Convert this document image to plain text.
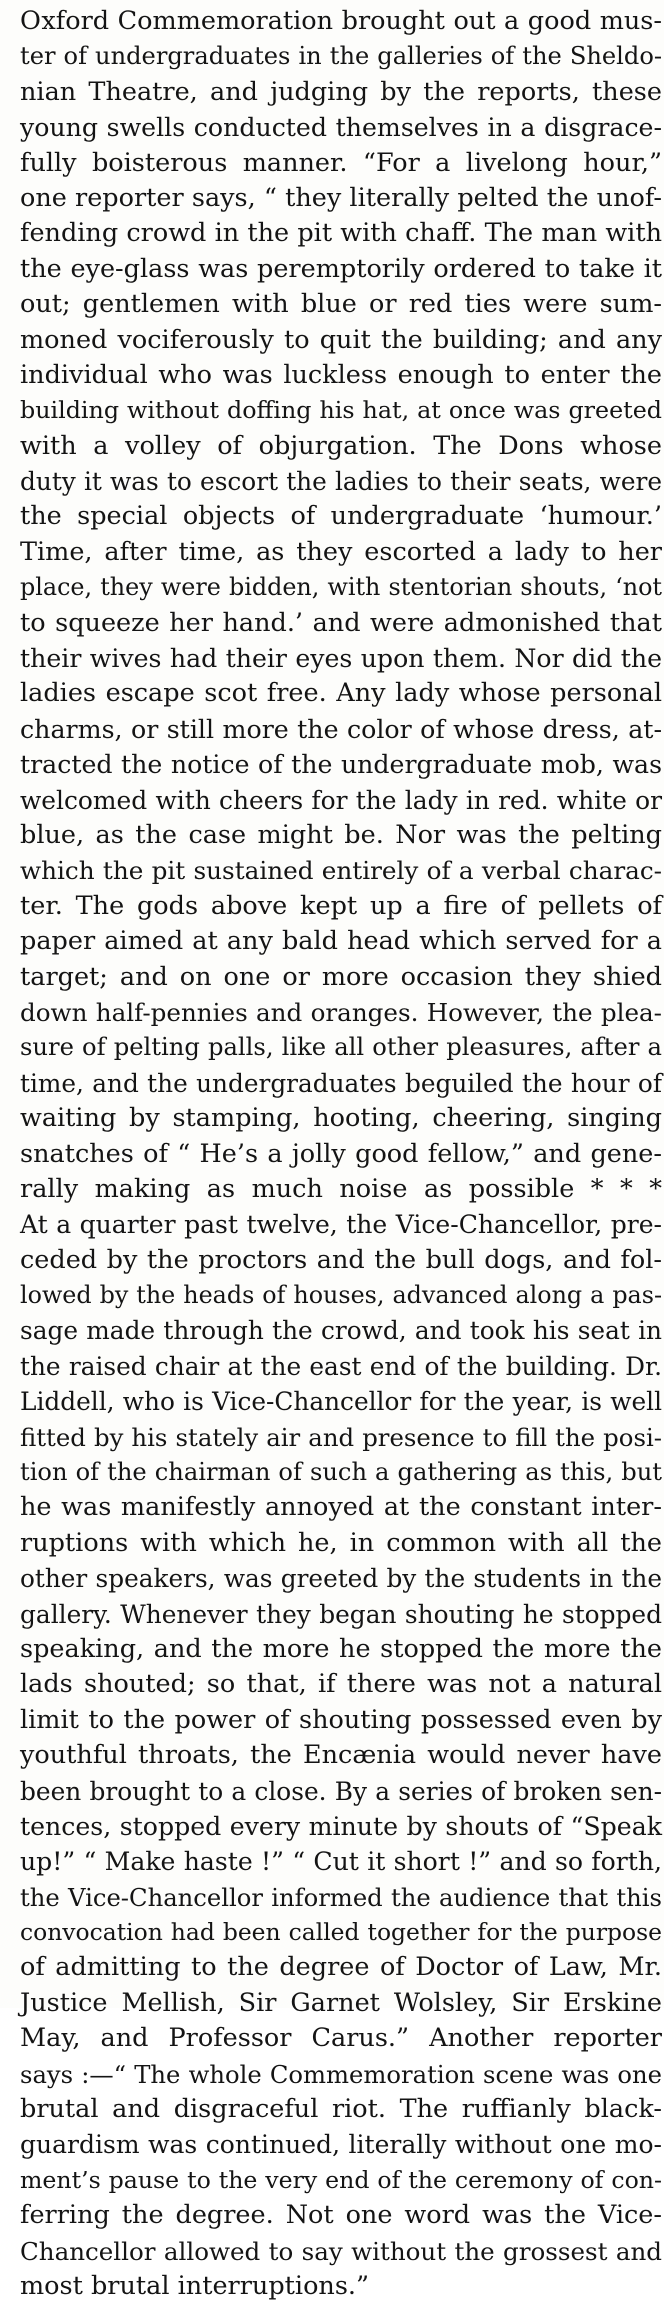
Oxford Commemoration brought out a good mus-
ter of undergraduates in the galleries of the Sheldo-
nian Theatre, and judging by the reports, these
young swells conducted themselves in a disgrace-
fully boisterous manner. “For a livelong hour,”
one reporter says, “ they literally pelted the unof-
fending crowd in the pit with chaff. The man with
the eye-glass was peremptorily ordered to take it
out; gentlemen with blue or red ties were sum-
moned vociferously to quit the building; and any
individual who was luckless enough to enter the
building without doffing his hat, at once was greeted
with a volley of objurgation. The Dons whose
duty it was to escort the ladies to their seats, were
the special objects of undergraduate ‘humour.’
Time, after time, as they escorted a lady to her
place, they were bidden, with stentorian shouts, ‘not
to squeeze her hand.’ and were admonished that
their wives had their eyes upon them. Nor did the
ladies escape scot free. Any lady whose personal
charms, or still more the color of whose dress, at-
tracted the notice of the undergraduate mob, was
welcomed with cheers for the lady in red. white or
blue, as the case might be. Nor was the pelting
which the pit sustained entirely of a verbal charac-
ter. The gods above kept up a fire of pellets of
paper aimed at any bald head which served for a
target; and on one or more occasion they shied
down half-pennies and oranges. However, the plea-
sure of pelting palls, like all other pleasures, after a
time, and the undergraduates beguiled the hour of
waiting by stamping, hooting, cheering, singing
snatches of “ He’s a jolly good fellow,” and gene-
rally making as much noise as possible * * *
At a quarter past twelve, the Vice-Chancellor, pre-
ceded by the proctors and the bull dogs, and fol-
lowed by the heads of houses, advanced along a pas-
sage made through the crowd, and took his seat in
the raised chair at the east end of the building. Dr.
Liddell, who is Vice-Chancellor for the year, is well
fitted by his stately air and presence to fill the posi-
tion of the chairman of such a gathering as this, but
he was manifestly annoyed at the constant inter-
ruptions with which he, in common with all the
other speakers, was greeted by the students in the
gallery. Whenever they began shouting he stopped
speaking, and the more he stopped the more the
lads shouted; so that, if there was not a natural
limit to the power of shouting possessed even by
youthful throats, the Encænia would never have
been brought to a close. By a series of broken sen-
tences, stopped every minute by shouts of “Speak
up!” “ Make haste !” “ Cut it short !” and so forth,
the Vice-Chancellor informed the audience that this
convocation had been called together for the purpose
of admitting to the degree of Doctor of Law, Mr.
Justice Mellish, Sir Garnet Wolsley, Sir Erskine
May, and Professor Carus.” Another reporter
says :—“ The whole Commemoration scene was one
brutal and disgraceful riot. The ruffianly black-
guardism was continued, literally without one mo-
ment’s pause to the very end of the ceremony of con-
ferring the degree. Not one word was the Vice-
Chancellor allowed to say without the grossest and
most brutal interruptions.”
